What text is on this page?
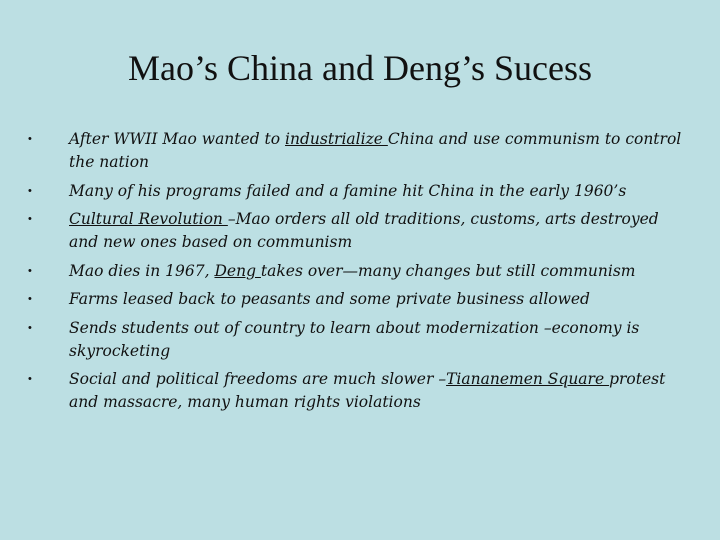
Mao’s China and Deng’s Sucess
• After WWII Mao wanted to industrialize China and use communism to control the nation
• Many of his programs failed and a famine hit China in the early 1960’s
• Cultural Revolution –Mao orders all old traditions, customs, arts destroyed and new ones based on communism
• Mao dies in 1967, Deng takes over—many changes but still communism
• Farms leased back to peasants and some private business allowed
• Sends students out of country to learn about modernization –economy is skyrocketing
• Social and political freedoms are much slower –Tiananemen Square protest and massacre, many human rights violations
